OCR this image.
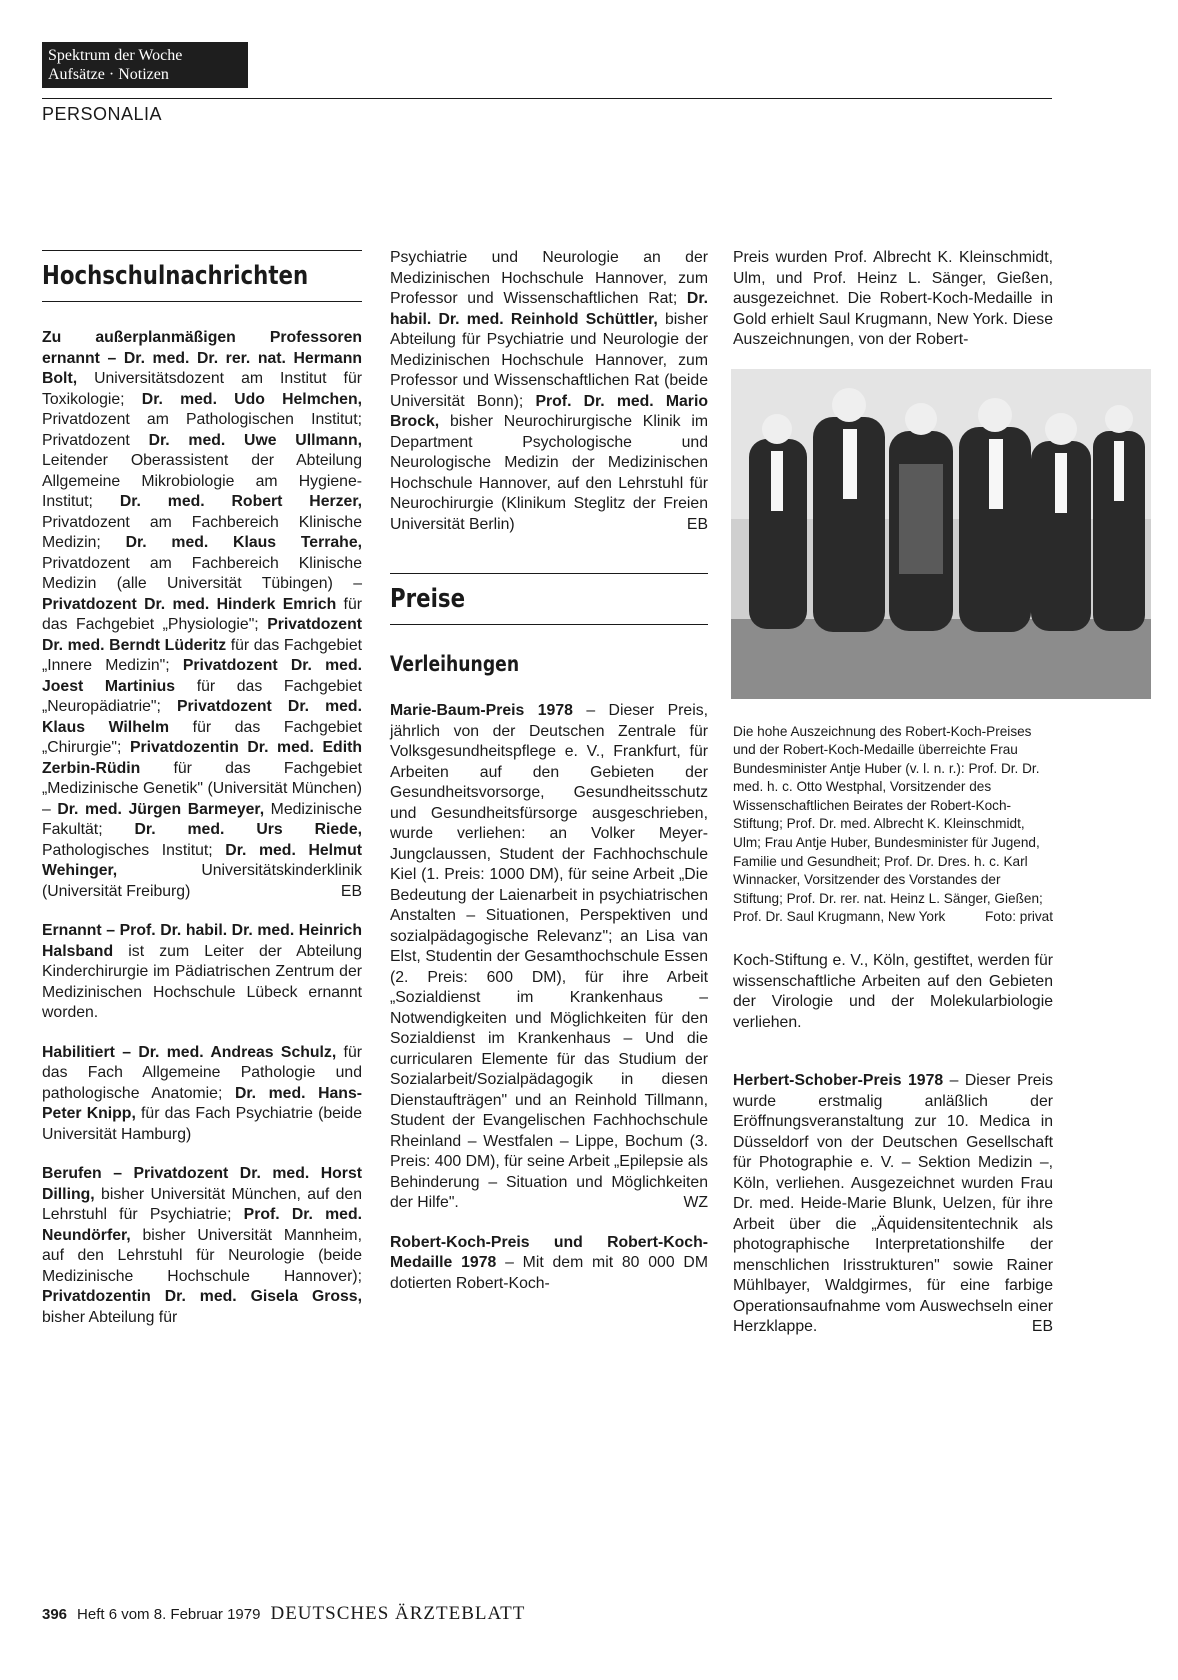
Spektrum der Woche
Aufsätze · Notizen
PERSONALIA
Hochschulnachrichten

Zu außerplanmäßigen Professoren ernannt – Dr. med. Dr. rer. nat. Hermann Bolt, Universitätsdozent am Institut für Toxikologie; Dr. med. Udo Helmchen, Privatdozent am Pathologischen Institut; Privatdozent Dr. med. Uwe Ullmann, Leitender Oberassistent der Abteilung Allgemeine Mikrobiologie am Hygiene-Institut; Dr. med. Robert Herzer, Privatdozent am Fachbereich Klinische Medizin; Dr. med. Klaus Terrahe, Privatdozent am Fachbereich Klinische Medizin (alle Universität Tübingen) – Privatdozent Dr. med. Hinderk Emrich für das Fachgebiet „Physiologie"; Privatdozent Dr. med. Berndt Lüderitz für das Fachgebiet „Innere Medizin"; Privatdozent Dr. med. Joest Martinius für das Fachgebiet „Neuropädiatrie"; Privatdozent Dr. med. Klaus Wilhelm für das Fachgebiet „Chirurgie"; Privatdozentin Dr. med. Edith Zerbin-Rüdin für das Fachgebiet „Medizinische Genetik" (Universität München) – Dr. med. Jürgen Barmeyer, Medizinische Fakultät; Dr. med. Urs Riede, Pathologisches Institut; Dr. med. Helmut Wehinger, Universitätskinderklinik (Universität Freiburg)	EB

Ernannt – Prof. Dr. habil. Dr. med. Heinrich Halsband ist zum Leiter der Abteilung Kinderchirurgie im Pädiatrischen Zentrum der Medizinischen Hochschule Lübeck ernannt worden.

Habilitiert – Dr. med. Andreas Schulz, für das Fach Allgemeine Pathologie und pathologische Anatomie; Dr. med. Hans-Peter Knipp, für das Fach Psychiatrie (beide Universität Hamburg)

Berufen – Privatdozent Dr. med. Horst Dilling, bisher Universität München, auf den Lehrstuhl für Psychiatrie; Prof. Dr. med. Neundörfer, bisher Universität Mannheim, auf den Lehrstuhl für Neurologie (beide Medizinische Hochschule Hannover); Privatdozentin Dr. med. Gisela Gross, bisher Abteilung für

Psychiatrie und Neurologie an der Medizinischen Hochschule Hannover, zum Professor und Wissenschaftlichen Rat; Dr. habil. Dr. med. Reinhold Schüttler, bisher Abteilung für Psychiatrie und Neurologie der Medizinischen Hochschule Hannover, zum Professor und Wissenschaftlichen Rat (beide Universität Bonn); Prof. Dr. med. Mario Brock, bisher Neurochirurgische Klinik im Department Psychologische und Neurologische Medizin der Medizinischen Hochschule Hannover, auf den Lehrstuhl für Neurochirurgie (Klinikum Steglitz der Freien Universität Berlin)	EB

Preise
Verleihungen

Marie-Baum-Preis 1978 – Dieser Preis, jährlich von der Deutschen Zentrale für Volksgesundheitspflege e. V., Frankfurt, für Arbeiten auf den Gebieten der Gesundheitsvorsorge, Gesundheitsschutz und Gesundheitsfürsorge ausgeschrieben, wurde verliehen: an Volker Meyer-Jungclaussen, Student der Fachhochschule Kiel (1. Preis: 1000 DM), für seine Arbeit „Die Bedeutung der Laienarbeit in psychiatrischen Anstalten – Situationen, Perspektiven und sozialpädagogische Relevanz"; an Lisa van Elst, Studentin der Gesamthochschule Essen (2. Preis: 600 DM), für ihre Arbeit „Sozialdienst im Krankenhaus – Notwendigkeiten und Möglichkeiten für den Sozialdienst im Krankenhaus – Und die curricularen Elemente für das Studium der Sozialarbeit/Sozialpädagogik in diesen Dienstaufträgen" und an Reinhold Tillmann, Student der Evangelischen Fachhochschule Rheinland – Westfalen – Lippe, Bochum (3. Preis: 400 DM), für seine Arbeit „Epilepsie als Behinderung – Situation und Möglichkeiten der Hilfe".	WZ

Robert-Koch-Preis und Robert-Koch-Medaille 1978 – Mit dem mit 80 000 DM dotierten Robert-Koch-

Preis wurden Prof. Albrecht K. Kleinschmidt, Ulm, und Prof. Heinz L. Sänger, Gießen, ausgezeichnet. Die Robert-Koch-Medaille in Gold erhielt Saul Krugmann, New York. Diese Auszeichnungen, von der Robert-

Die hohe Auszeichnung des Robert-Koch-Preises und der Robert-Koch-Medaille überreichte Frau Bundesminister Antje Huber (v. l. n. r.): Prof. Dr. Dr. med. h. c. Otto Westphal, Vorsitzender des Wissenschaftlichen Beirates der Robert-Koch-Stiftung; Prof. Dr. med. Albrecht K. Kleinschmidt, Ulm; Frau Antje Huber, Bundesminister für Jugend, Familie und Gesundheit; Prof. Dr. Dres. h. c. Karl Winnacker, Vorsitzender des Vorstandes der Stiftung; Prof. Dr. rer. nat. Heinz L. Sänger, Gießen; Prof. Dr. Saul Krugmann, New York	Foto: privat

Koch-Stiftung e. V., Köln, gestiftet, werden für wissenschaftliche Arbeiten auf den Gebieten der Virologie und der Molekularbiologie verliehen.

Herbert-Schober-Preis 1978 – Dieser Preis wurde erstmalig anläßlich der Eröffnungsveranstaltung zur 10. Medica in Düsseldorf von der Deutschen Gesellschaft für Photographie e. V. – Sektion Medizin –, Köln, verliehen. Ausgezeichnet wurden Frau Dr. med. Heide-Marie Blunk, Uelzen, für ihre Arbeit über die „Äquidensitentechnik als photographische Interpretationshilfe der menschlichen Irisstrukturen" sowie Rainer Mühlbayer, Waldgirmes, für eine farbige Operationsaufnahme vom Auswechseln einer Herzklappe.	EB

396 Heft 6 vom 8. Februar 1979 DEUTSCHES ÄRZTEBLATT
